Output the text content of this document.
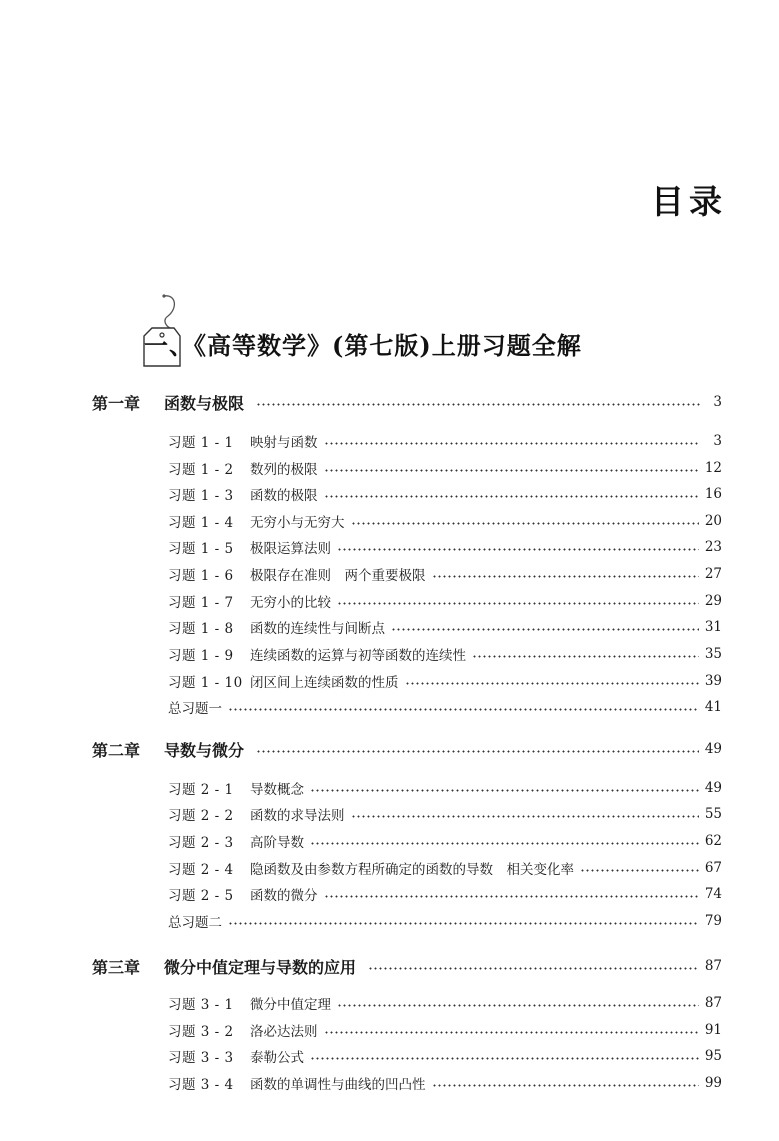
目录
一、《高等数学》(第七版)上册习题全解
第一章	函数与极限	3
习题 1 - 1	映射与函数	3
习题 1 - 2	数列的极限	12
习题 1 - 3	函数的极限	16
习题 1 - 4	无穷小与无穷大	20
习题 1 - 5	极限运算法则	23
习题 1 - 6	极限存在准则　两个重要极限	27
习题 1 - 7	无穷小的比较	29
习题 1 - 8	函数的连续性与间断点	31
习题 1 - 9	连续函数的运算与初等函数的连续性	35
习题 1 - 10 闭区间上连续函数的性质	39
总习题一	41
第二章	导数与微分	49
习题 2 - 1	导数概念	49
习题 2 - 2	函数的求导法则	55
习题 2 - 3	高阶导数	62
习题 2 - 4	隐函数及由参数方程所确定的函数的导数　相关变化率	67
习题 2 - 5	函数的微分	74
总习题二	79
第三章	微分中值定理与导数的应用	87
习题 3 - 1	微分中值定理	87
习题 3 - 2	洛必达法则	91
习题 3 - 3	泰勒公式	95
习题 3 - 4	函数的单调性与曲线的凹凸性	99
